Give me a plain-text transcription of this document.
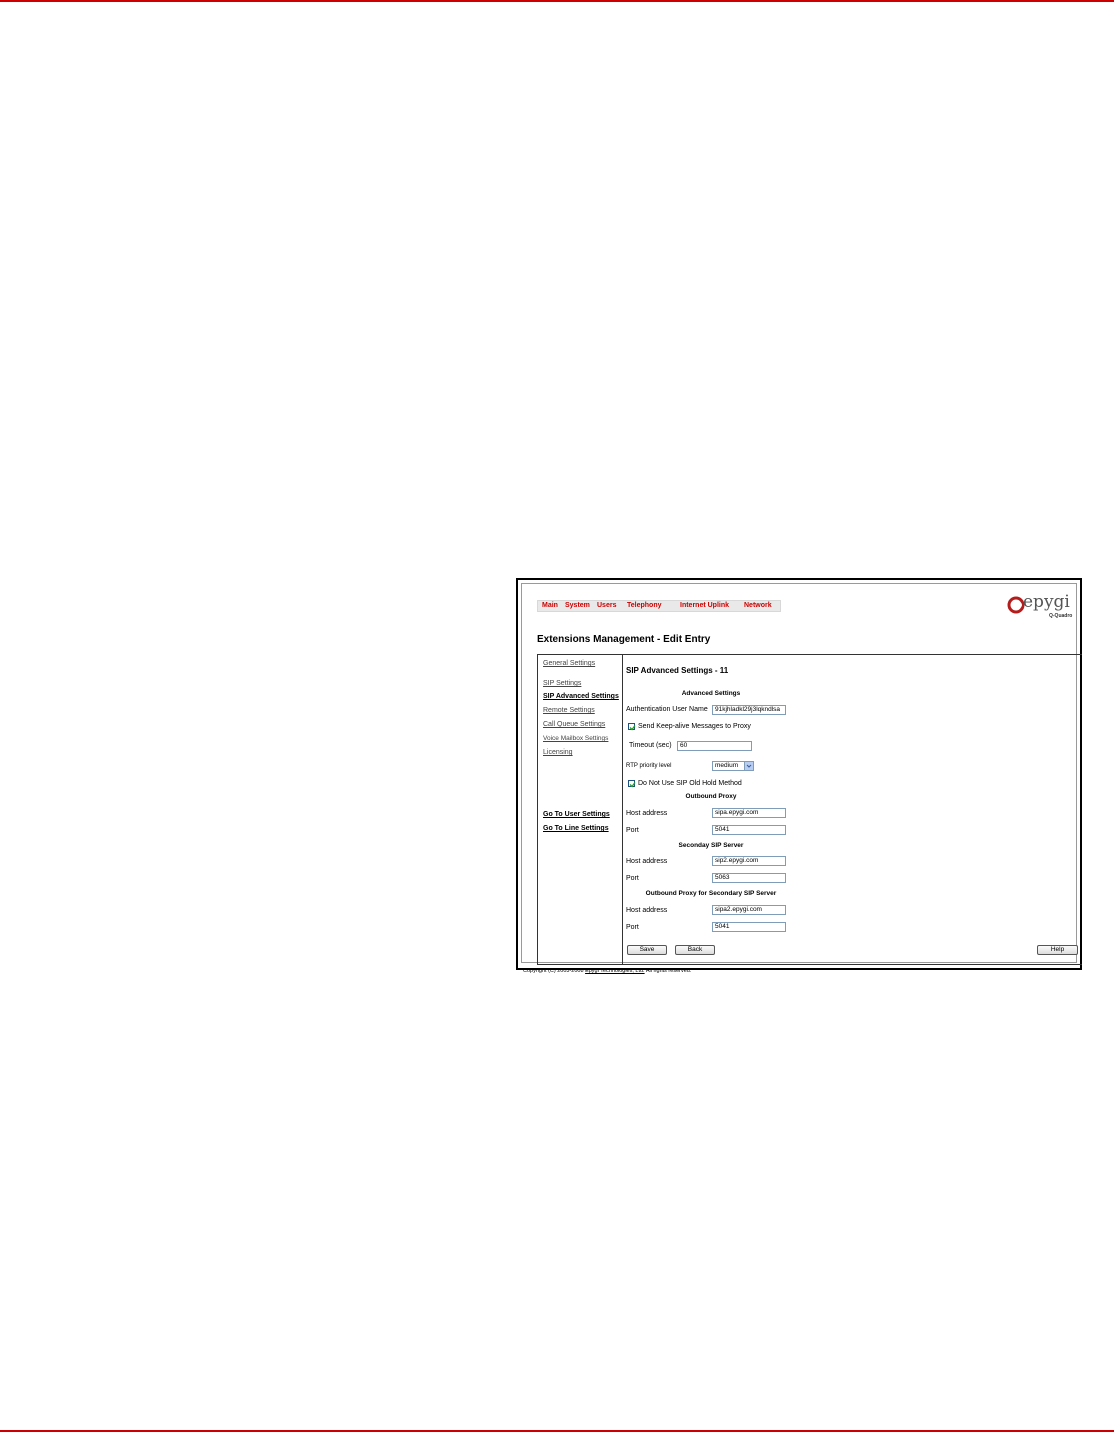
Main System Users Telephony	Internet Uplink Network	epygi
Q-Quadro
Extensions Management - Edit Entry
General Settings
SIP Settings
SIP Advanced Settings
Remote Settings
Call Queue Settings
Voice Mailbox Settings
Licensing
Go To User Settings
Go To Line Settings
SIP Advanced Settings - 11
Advanced Settings
Authentication User Name	91kjhladkl29j3lqkndlsa
Send Keep-alive Messages to Proxy
Timeout (sec)	60
RTP priority level	medium
Do Not Use SIP Old Hold Method
Outbound Proxy
Host address	sipa.epygi.com
Port	5041
Seconday SIP Server
Host address	sip2.epygi.com
Port	5063
Outbound Proxy for Secondary SIP Server
Host address	sipa2.epygi.com
Port	5041
Save	Back	Help
Copyright (C) 2003-2008 Epygi Technologies, Ltd. All rights reserved.
